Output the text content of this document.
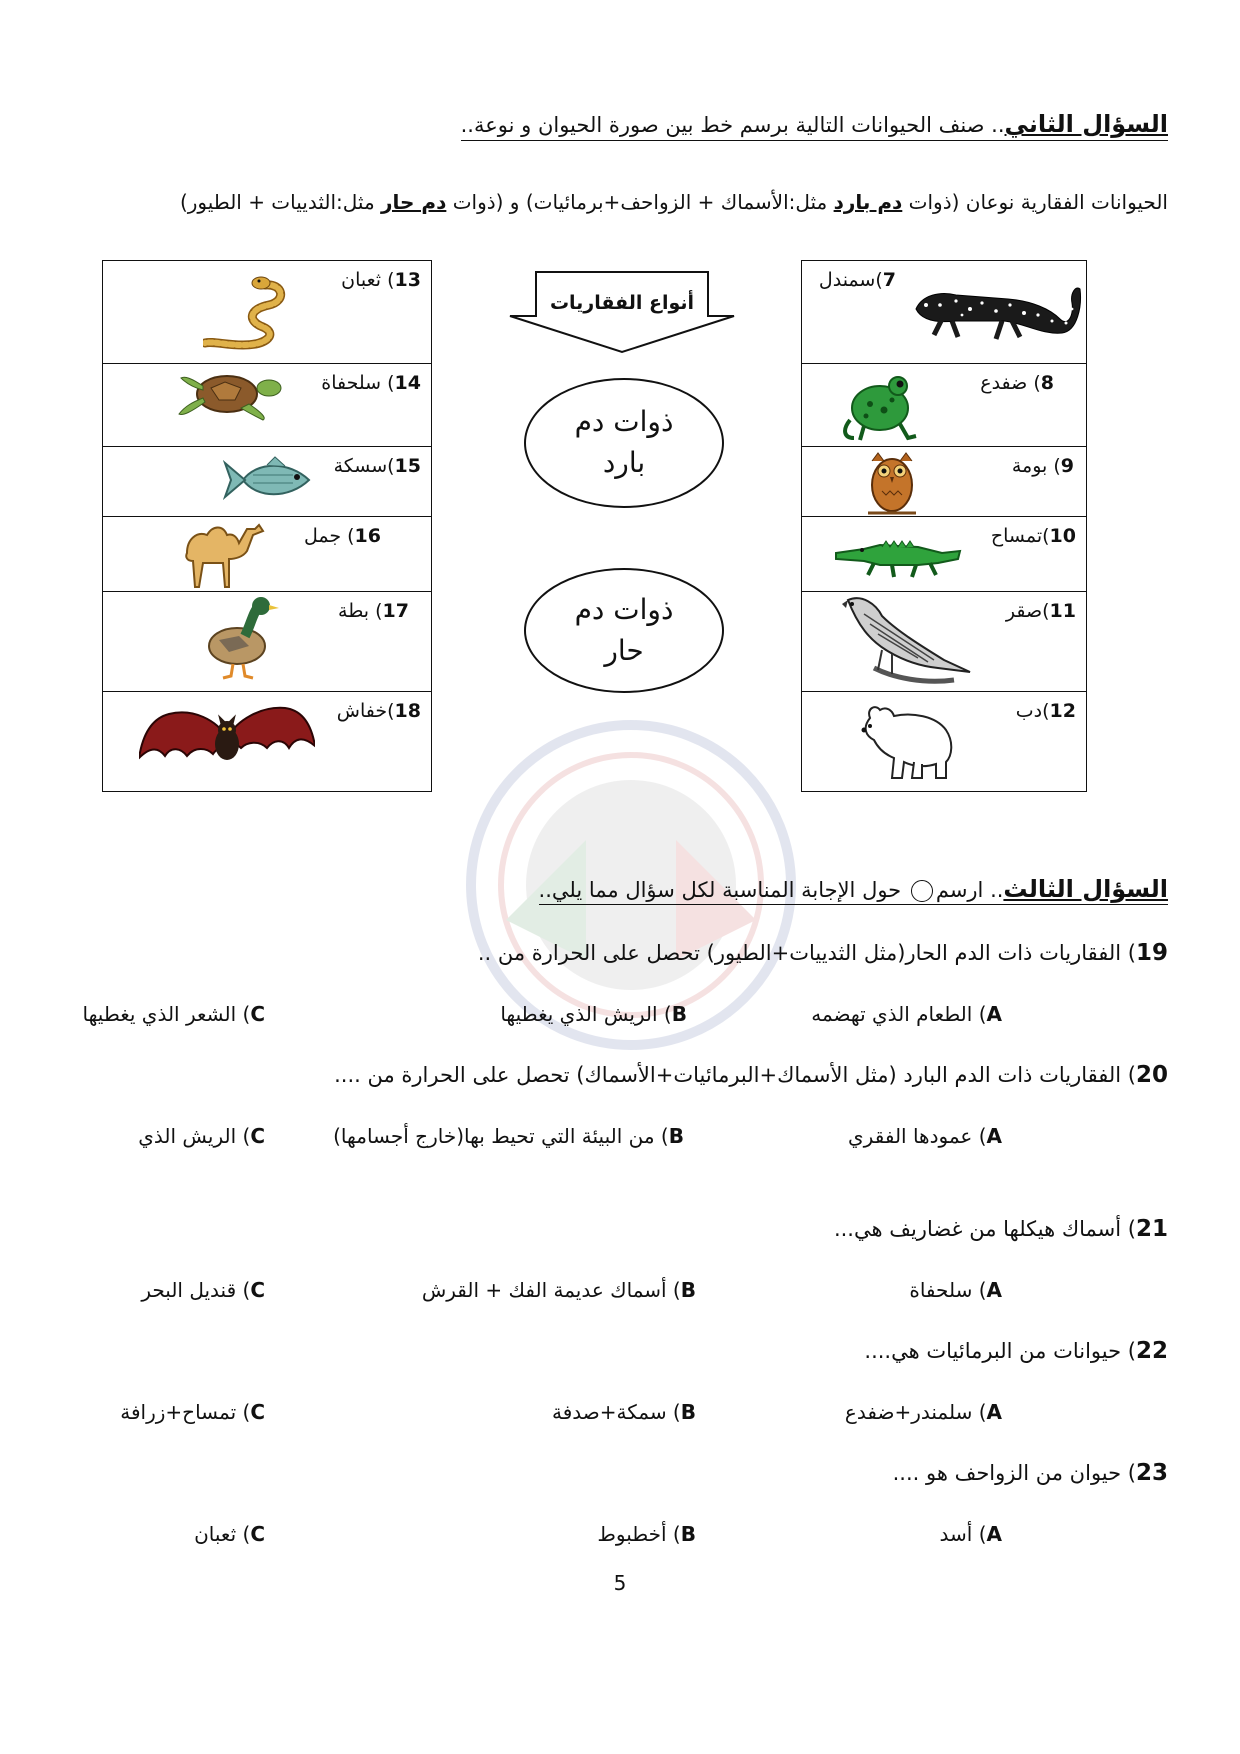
السؤال الثاني.. صنف الحيوانات التالية برسم خط بين صورة الحيوان و نوعة..
الحيوانات الفقارية نوعان (ذوات دم بارد مثل:الأسماك + الزواحف+برمائيات) و (ذوات دم حار مثل:الثدييات + الطيور)
13) ثعبان
14) سلحفاة
15)سسكة
16) جمل
17) بطة
18)خفاش
7)سمندل
8) ضفدع
9) بومة
10)تمساح
11)صقر
12)دب
أنواع الفقاريات
ذوات دم بارد
ذوات دم حار
السؤال الثالث.. ارسم حول الإجابة المناسبة لكل سؤال مما يلي..
19) الفقاريات ذات الدم الحار(مثل الثدييات+الطيور) تحصل على الحرارة من ..
A) الطعام الذي تهضمه
B) الريش الذي يغطيها
C) الشعر الذي يغطيها
20) الفقاريات ذات الدم البارد (مثل الأسماك+البرمائيات+الأسماك) تحصل على الحرارة من ....
A) عمودها الفقري
B) من البيئة التي تحيط بها(خارج أجسامها)
C) الريش الذي
21) أسماك هيكلها من غضاريف هي...
A) سلحفاة
B) أسماك عديمة الفك + القرش
C) قنديل البحر
22) حيوانات من البرمائيات هي....
A) سلمندر+ضفدع
B) سمكة+صدفة
C) تمساح+زرافة
23) حيوان من الزواحف هو ....
A) أسد
B) أخطبوط
C) ثعبان
5
